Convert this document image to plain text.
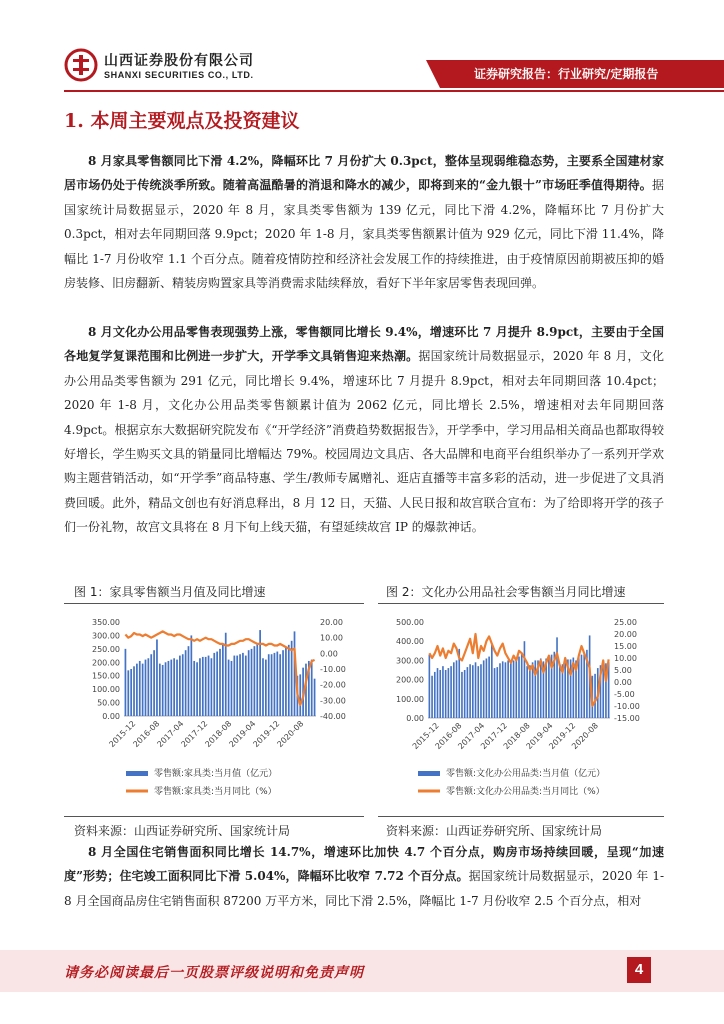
山西证券股份有限公司
SHANXI SECURITIES CO., LTD.	证券研究报告：行业研究/定期报告
1. 本周主要观点及投资建议
8 月家具零售额同比下滑 4.2%，降幅环比 7 月份扩大 0.3pct，整体呈现弱维稳态势，主要系全国建材家居市场仍处于传统淡季所致。随着高温酷暑的消退和降水的减少，即将到来的“金九银十”市场旺季值得期待。据国家统计局数据显示，2020 年 8 月，家具类零售额为 139 亿元，同比下滑 4.2%，降幅环比 7 月份扩大 0.3pct，相对去年同期回落 9.9pct；2020 年 1-8 月，家具类零售额累计值为 929 亿元，同比下滑 11.4%，降幅比 1-7 月份收窄 1.1 个百分点。随着疫情防控和经济社会发展工作的持续推进，由于疫情原因前期被压抑的婚房装修、旧房翻新、精装房购置家具等消费需求陆续释放，看好下半年家居零售表现回弹。
8 月文化办公用品零售表现强势上涨，零售额同比增长 9.4%，增速环比 7 月提升 8.9pct，主要由于全国各地复学复课范围和比例进一步扩大，开学季文具销售迎来热潮。据国家统计局数据显示，2020 年 8 月，文化办公用品类零售额为 291 亿元，同比增长 9.4%，增速环比 7 月提升 8.9pct，相对去年同期回落 10.4pct；2020 年 1-8 月，文化办公用品类零售额累计值为 2062 亿元，同比增长 2.5%，增速相对去年同期回落 4.9pct。根据京东大数据研究院发布《“开学经济”消费趋势数据报告》，开学季中，学习用品相关商品也都取得较好增长，学生购买文具的销量同比增幅达 79%。校园周边文具店、各大品牌和电商平台组织举办了一系列开学欢购主题营销活动，如“开学季”商品特惠、学生/教师专属赠礼、逛店直播等丰富多彩的活动，进一步促进了文具消费回暖。此外，精品文创也有好消息释出，8 月 12 日，天猫、人民日报和故宫联合宣布：为了给即将开学的孩子们一份礼物，故宫文具将在 8 月下旬上线天猫，有望延续故宫 IP 的爆款神话。
图 1：家具零售额当月值及同比增速
350.00
300.00
250.00
200.00
150.00
100.00
50.00
0.00
20.00
10.00
0.00
-10.00
-20.00
-30.00
-40.00
2015-12
2016-08
2017-04
2017-12
2018-08
2019-04
2019-12
2020-08
零售额:家具类:当月值（亿元）
零售额:家具类:当月同比（%）
资料来源：山西证券研究所、国家统计局
图 2：文化办公用品社会零售额当月同比增速
500.00
400.00
300.00
200.00
100.00
0.00
25.00
20.00
15.00
10.00
5.00
0.00
-5.00
-10.00
-15.00
2015-12
2016-08
2017-04
2017-12
2018-08
2019-04
2019-12
2020-08
零售额:文化办公用品类:当月值（亿元）
零售额:文化办公用品类:当月同比（%）
资料来源：山西证券研究所、国家统计局
8 月全国住宅销售面积同比增长 14.7%，增速环比加快 4.7 个百分点，购房市场持续回暖，呈现“加速度”形势；住宅竣工面积同比下滑 5.04%，降幅环比收窄 7.72 个百分点。据国家统计局数据显示，2020 年 1-8 月全国商品房住宅销售面积 87200 万平方米，同比下滑 2.5%，降幅比 1-7 月份收窄 2.5 个百分点，相对
请务必阅读最后一页股票评级说明和免责声明	4
